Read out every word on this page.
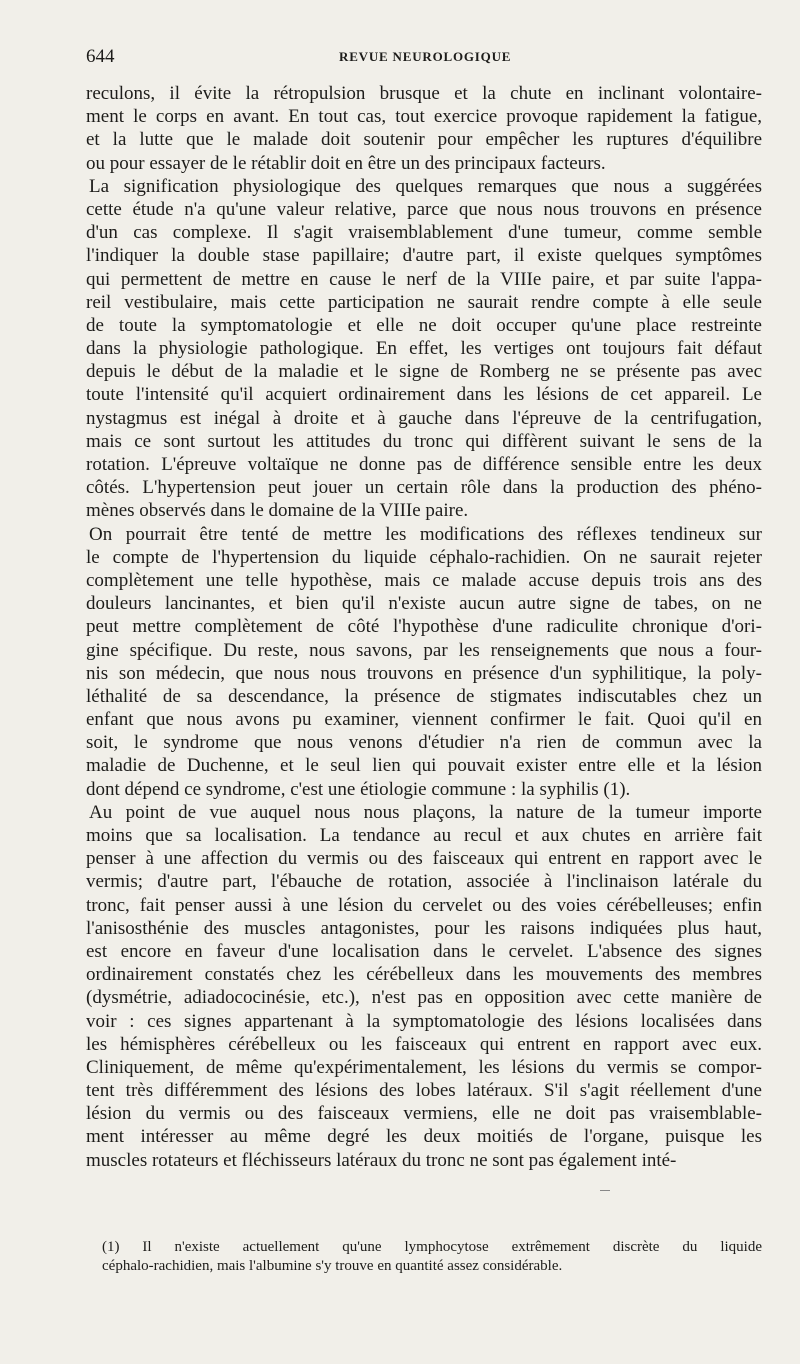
644	REVUE NEUROLOGIQUE
reculons, il évite la rétropulsion brusque et la chute en inclinant volontaire-
ment le corps en avant. En tout cas, tout exercice provoque rapidement la fatigue,
et la lutte que le malade doit soutenir pour empêcher les ruptures d'équilibre
ou pour essayer de le rétablir doit en être un des principaux facteurs.
La signification physiologique des quelques remarques que nous a suggérées
cette étude n'a qu'une valeur relative, parce que nous nous trouvons en présence
d'un cas complexe. Il s'agit vraisemblablement d'une tumeur, comme semble
l'indiquer la double stase papillaire; d'autre part, il existe quelques symptômes
qui permettent de mettre en cause le nerf de la VIIIe paire, et par suite l'appa-
reil vestibulaire, mais cette participation ne saurait rendre compte à elle seule
de toute la symptomatologie et elle ne doit occuper qu'une place restreinte
dans la physiologie pathologique. En effet, les vertiges ont toujours fait défaut
depuis le début de la maladie et le signe de Romberg ne se présente pas avec
toute l'intensité qu'il acquiert ordinairement dans les lésions de cet appareil. Le
nystagmus est inégal à droite et à gauche dans l'épreuve de la centrifugation,
mais ce sont surtout les attitudes du tronc qui diffèrent suivant le sens de la
rotation. L'épreuve voltaïque ne donne pas de différence sensible entre les deux
côtés. L'hypertension peut jouer un certain rôle dans la production des phéno-
mènes observés dans le domaine de la VIIIe paire.
On pourrait être tenté de mettre les modifications des réflexes tendineux sur
le compte de l'hypertension du liquide céphalo-rachidien. On ne saurait rejeter
complètement une telle hypothèse, mais ce malade accuse depuis trois ans des
douleurs lancinantes, et bien qu'il n'existe aucun autre signe de tabes, on ne
peut mettre complètement de côté l'hypothèse d'une radiculite chronique d'ori-
gine spécifique. Du reste, nous savons, par les renseignements que nous a four-
nis son médecin, que nous nous trouvons en présence d'un syphilitique, la poly-
léthalité de sa descendance, la présence de stigmates indiscutables chez un
enfant que nous avons pu examiner, viennent confirmer le fait. Quoi qu'il en
soit, le syndrome que nous venons d'étudier n'a rien de commun avec la
maladie de Duchenne, et le seul lien qui pouvait exister entre elle et la lésion
dont dépend ce syndrome, c'est une étiologie commune : la syphilis (1).
Au point de vue auquel nous nous plaçons, la nature de la tumeur importe
moins que sa localisation. La tendance au recul et aux chutes en arrière fait
penser à une affection du vermis ou des faisceaux qui entrent en rapport avec le
vermis; d'autre part, l'ébauche de rotation, associée à l'inclinaison latérale du
tronc, fait penser aussi à une lésion du cervelet ou des voies cérébelleuses; enfin
l'anisosthénie des muscles antagonistes, pour les raisons indiquées plus haut,
est encore en faveur d'une localisation dans le cervelet. L'absence des signes
ordinairement constatés chez les cérébelleux dans les mouvements des membres
(dysmétrie, adiadococinésie, etc.), n'est pas en opposition avec cette manière de
voir : ces signes appartenant à la symptomatologie des lésions localisées dans
les hémisphères cérébelleux ou les faisceaux qui entrent en rapport avec eux.
Cliniquement, de même qu'expérimentalement, les lésions du vermis se compor-
tent très différemment des lésions des lobes latéraux. S'il s'agit réellement d'une
lésion du vermis ou des faisceaux vermiens, elle ne doit pas vraisemblable-
ment intéresser au même degré les deux moitiés de l'organe, puisque les
muscles rotateurs et fléchisseurs latéraux du tronc ne sont pas également inté-
(1) Il n'existe actuellement qu'une lymphocytose extrêmement discrète du liquide
céphalo-rachidien, mais l'albumine s'y trouve en quantité assez considérable.
